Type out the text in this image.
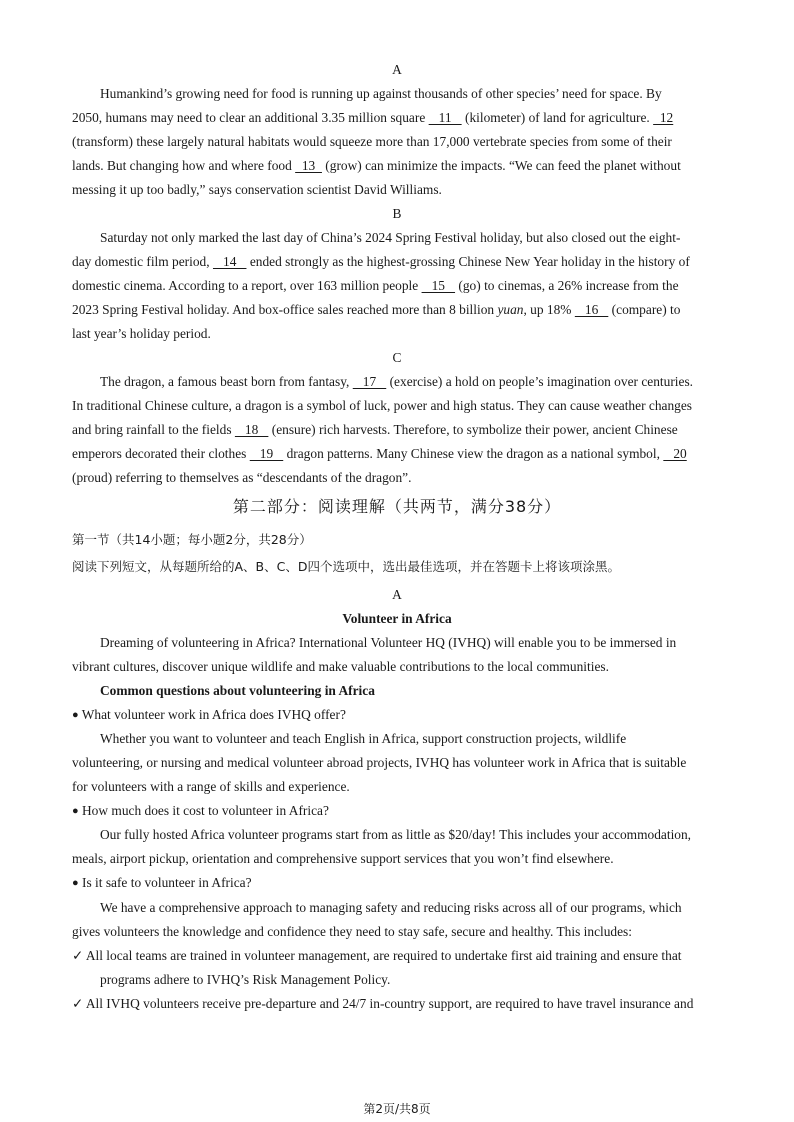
A
Humankind’s growing need for food is running up against thousands of other species’ need for space. By
2050, humans may need to clear an additional 3.35 million square    11    (kilometer) of land for agriculture.   12
(transform) these largely natural habitats would squeeze more than 17,000 vertebrate species from some of their
lands. But changing how and where food   13   (grow) can minimize the impacts. “We can feed the planet without
messing it up too badly,” says conservation scientist David Williams.
B
Saturday not only marked the last day of China’s 2024 Spring Festival holiday, but also closed out the eight-
day domestic film period,    14    ended strongly as the highest-grossing Chinese New Year holiday in the history of
domestic cinema. According to a report, over 163 million people    15    (go) to cinemas, a 26% increase from the
2023 Spring Festival holiday. And box-office sales reached more than 8 billion yuan, up 18%    16    (compare) to
last year’s holiday period.
C
The dragon, a famous beast born from fantasy,    17    (exercise) a hold on people’s imagination over centuries.
In traditional Chinese culture, a dragon is a symbol of luck, power and high status. They can cause weather changes
and bring rainfall to the fields    18    (ensure) rich harvests. Therefore, to symbolize their power, ancient Chinese
emperors decorated their clothes    19    dragon patterns. Many Chinese view the dragon as a national symbol,    20
(proud) referring to themselves as “descendants of the dragon”.
第二部分：阅读理解（共两节，满分38分）
第一节（共14小题；每小题2分，共28分）
阅读下列短文，从每题所给的A、B、C、D四个选项中，选出最佳选项，并在答题卡上将该项涂黑。
A
Volunteer in Africa
Dreaming of volunteering in Africa? International Volunteer HQ (IVHQ) will enable you to be immersed in
vibrant cultures, discover unique wildlife and make valuable contributions to the local communities.
Common questions about volunteering in Africa
● What volunteer work in Africa does IVHQ offer?
Whether you want to volunteer and teach English in Africa, support construction projects, wildlife
volunteering, or nursing and medical volunteer abroad projects, IVHQ has volunteer work in Africa that is suitable
for volunteers with a range of skills and experience.
● How much does it cost to volunteer in Africa?
Our fully hosted Africa volunteer programs start from as little as $20/day! This includes your accommodation,
meals, airport pickup, orientation and comprehensive support services that you won’t find elsewhere.
● Is it safe to volunteer in Africa?
We have a comprehensive approach to managing safety and reducing risks across all of our programs, which
gives volunteers the knowledge and confidence they need to stay safe, secure and healthy. This includes:
✓ All local teams are trained in volunteer management, are required to undertake first aid training and ensure that
programs adhere to IVHQ’s Risk Management Policy.
✓ All IVHQ volunteers receive pre-departure and 24/7 in-country support, are required to have travel insurance and
第2页/共8页
